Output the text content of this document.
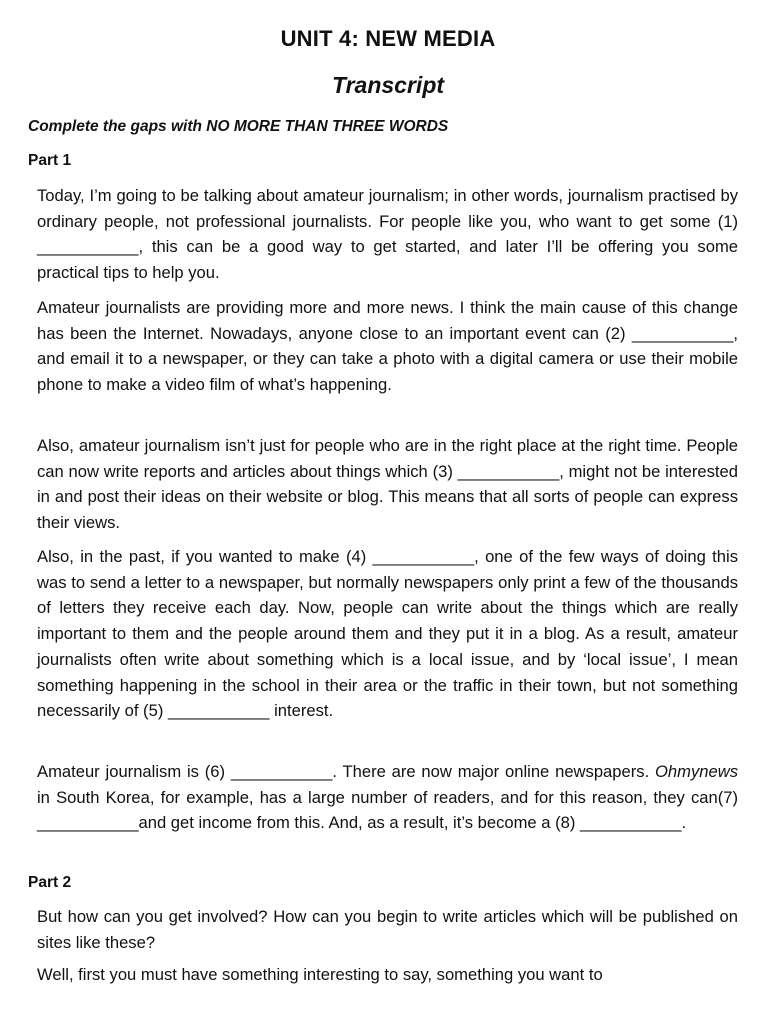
UNIT 4: NEW MEDIA
Transcript
Complete the gaps with NO MORE THAN THREE WORDS
Part 1

Today, I’m going to be talking about amateur journalism; in other words, journalism practised by ordinary people, not professional journalists. For people like you, who want to get some (1) ___________, this can be a good way to get started, and later I’ll be offering you some practical tips to help you.

Amateur journalists are providing more and more news. I think the main cause of this change has been the Internet. Nowadays, anyone close to an important event can (2) ___________, and email it to a newspaper, or they can take a photo with a digital camera or use their mobile phone to make a video film of what’s happening.

Also, amateur journalism isn’t just for people who are in the right place at the right time. People can now write reports and articles about things which (3) ___________, might not be interested in and post their ideas on their website or blog. This means that all sorts of people can express their views.

Also, in the past, if you wanted to make (4) ___________, one of the few ways of doing this was to send a letter to a newspaper, but normally newspapers only print a few of the thousands of letters they receive each day. Now, people can write about the things which are really important to them and the people around them and they put it in a blog. As a result, amateur journalists often write about something which is a local issue, and by ‘local issue’, I mean something happening in the school in their area or the traffic in their town, but not something necessarily of (5) ___________ interest.

Amateur journalism is (6) ___________. There are now major online newspapers. Ohmynews in South Korea, for example, has a large number of readers, and for this reason, they can(7) ___________and get income from this. And, as a result, it’s become a (8) ___________.

Part 2

But how can you get involved? How can you begin to write articles which will be published on sites like these?

Well, first you must have something interesting to say, something you want to
